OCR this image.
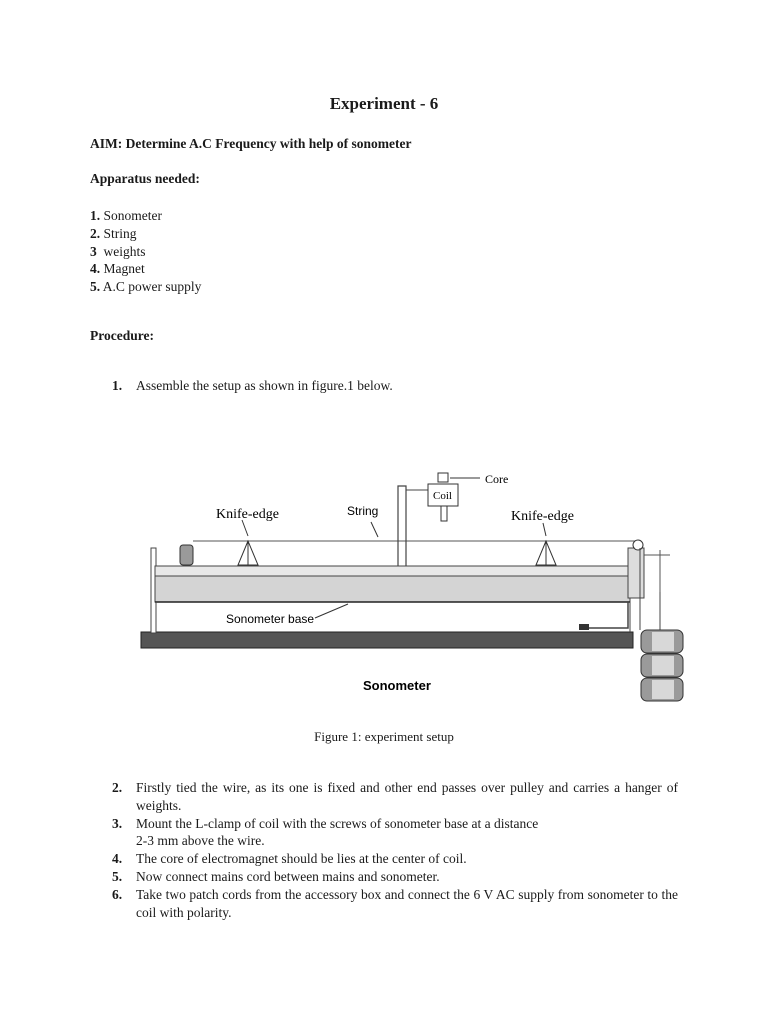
Experiment - 6
AIM: Determine A.C Frequency with help of sonometer
Apparatus needed:
1. Sonometer
2. String
3  weights
4. Magnet
5. A.C power supply
Procedure:
1. Assemble the setup as shown in figure.1 below.
Core
Coil
Knife-edge	String	Knife-edge
Sonometer base
Sonometer
Figure 1: experiment setup
2. Firstly tied the wire, as its one is fixed and other end passes over pulley and carries a hanger of weights.
3. Mount the L-clamp of coil with the screws of sonometer base at a distance
2-3 mm above the wire.
4. The core of electromagnet should be lies at the center of coil.
5. Now connect mains cord between mains and sonometer.
6. Take two patch cords from the accessory box and connect the 6 V AC supply from sonometer to the coil with polarity.
